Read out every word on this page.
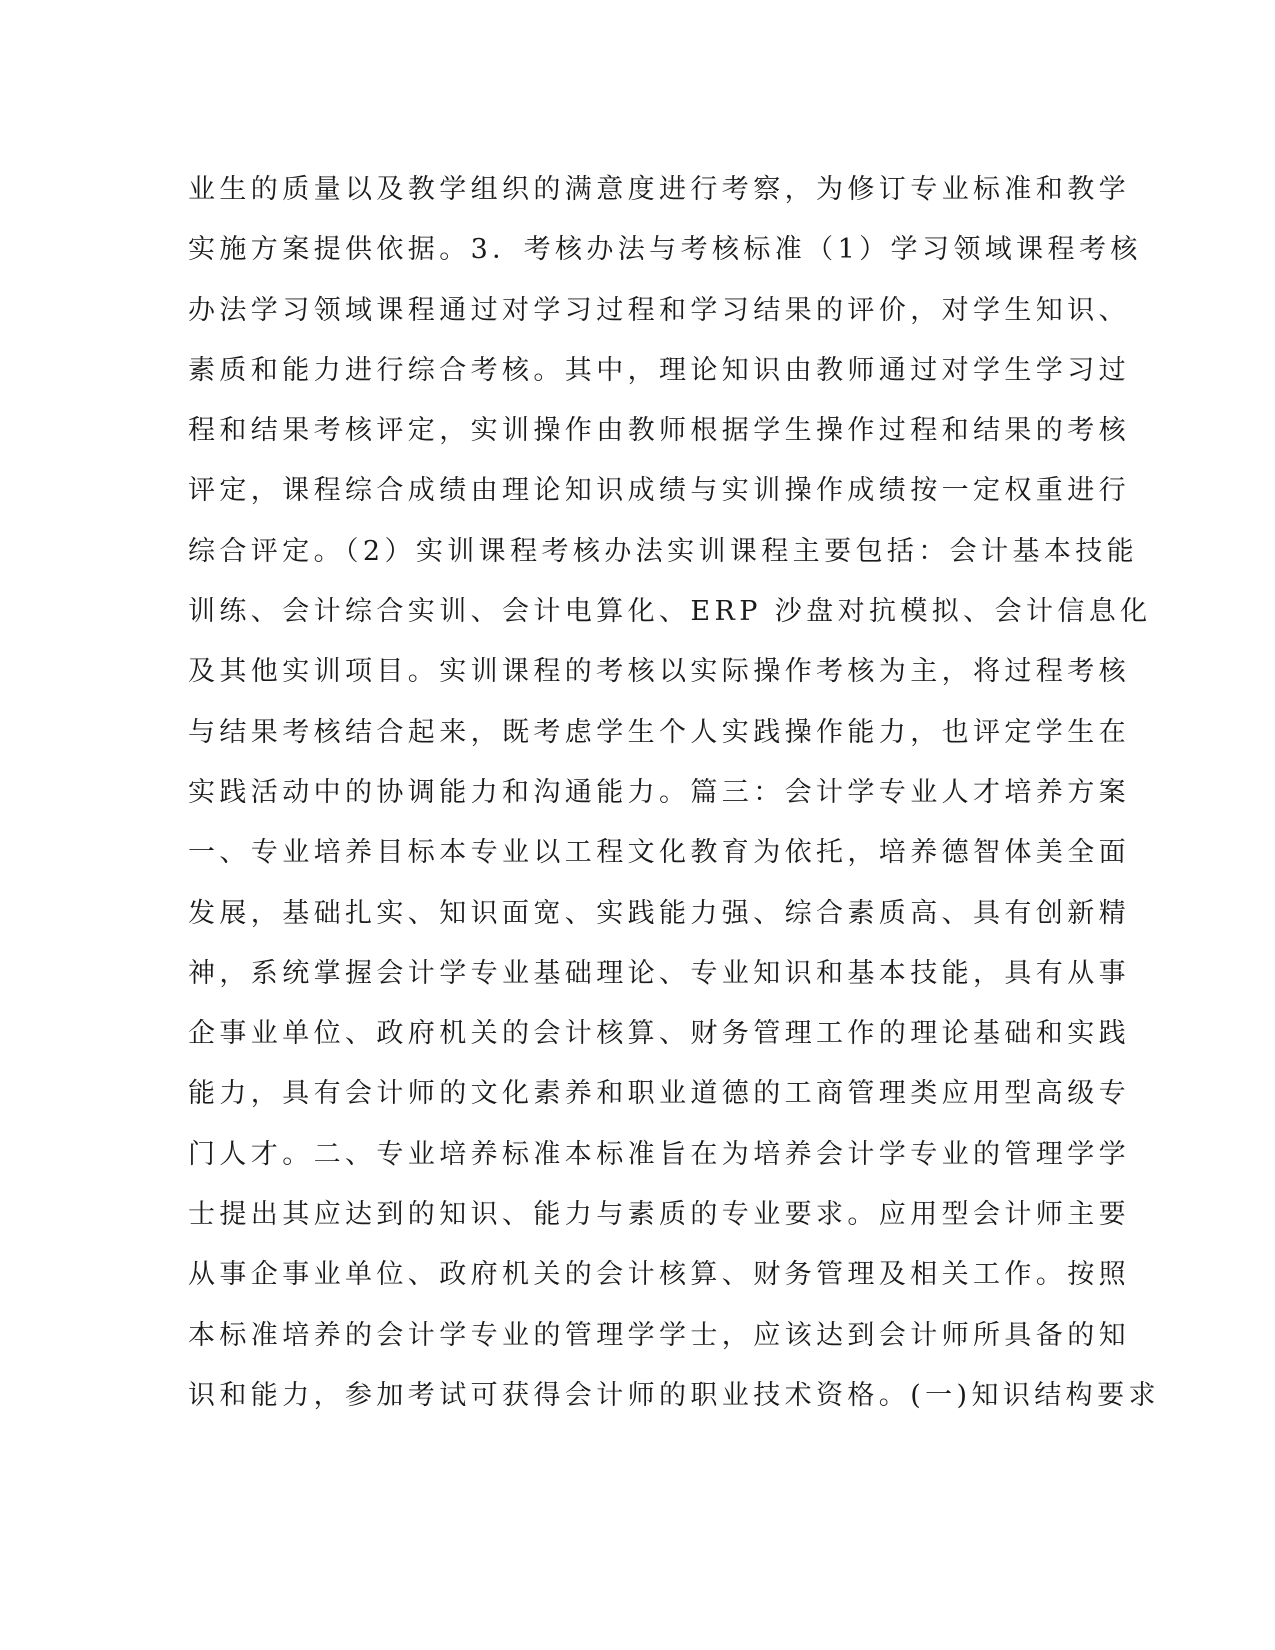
业生的质量以及教学组织的满意度进行考察，为修订专业标准和教学
实施方案提供依据。3．考核办法与考核标准（1）学习领域课程考核
办法学习领域课程通过对学习过程和学习结果的评价，对学生知识、
素质和能力进行综合考核。其中，理论知识由教师通过对学生学习过
程和结果考核评定，实训操作由教师根据学生操作过程和结果的考核
评定，课程综合成绩由理论知识成绩与实训操作成绩按一定权重进行
综合评定。（2）实训课程考核办法实训课程主要包括：会计基本技能
训练、会计综合实训、会计电算化、ERP 沙盘对抗模拟、会计信息化
及其他实训项目。实训课程的考核以实际操作考核为主，将过程考核
与结果考核结合起来，既考虑学生个人实践操作能力，也评定学生在
实践活动中的协调能力和沟通能力。篇三：会计学专业人才培养方案
一、专业培养目标本专业以工程文化教育为依托，培养德智体美全面
发展，基础扎实、知识面宽、实践能力强、综合素质高、具有创新精
神，系统掌握会计学专业基础理论、专业知识和基本技能，具有从事
企事业单位、政府机关的会计核算、财务管理工作的理论基础和实践
能力，具有会计师的文化素养和职业道德的工商管理类应用型高级专
门人才。二、专业培养标准本标准旨在为培养会计学专业的管理学学
士提出其应达到的知识、能力与素质的专业要求。应用型会计师主要
从事企事业单位、政府机关的会计核算、财务管理及相关工作。按照
本标准培养的会计学专业的管理学学士，应该达到会计师所具备的知
识和能力，参加考试可获得会计师的职业技术资格。(一)知识结构要求
